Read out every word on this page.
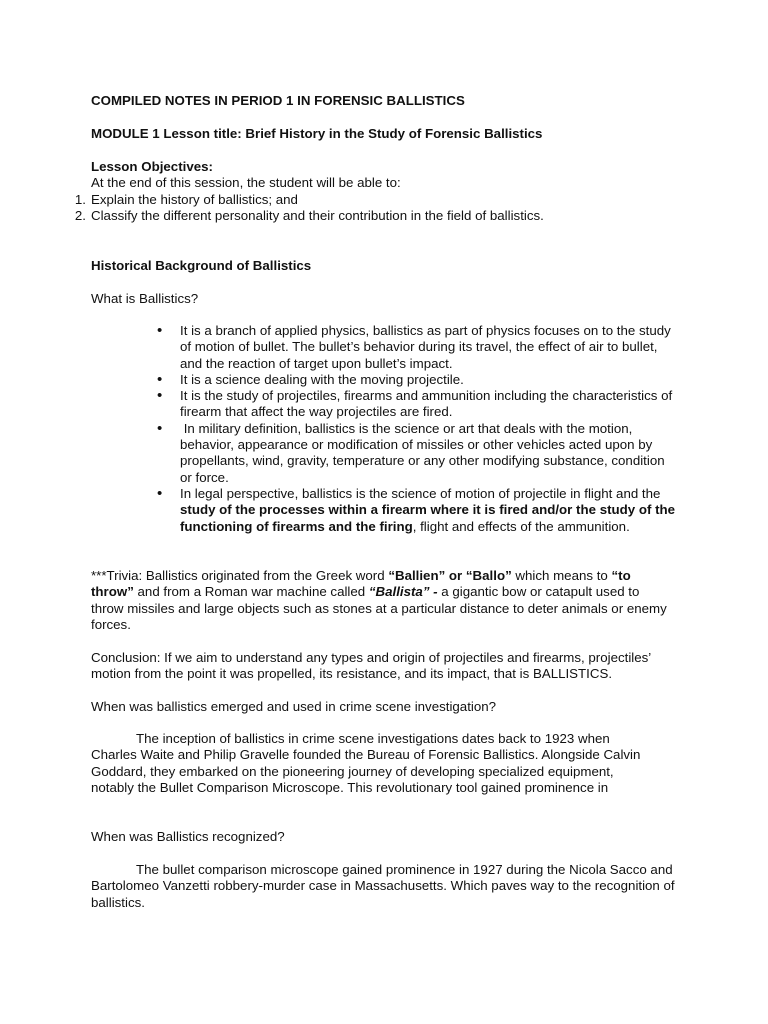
COMPILED NOTES IN PERIOD 1 IN FORENSIC BALLISTICS

MODULE 1 Lesson title: Brief History in the Study of Forensic Ballistics

Lesson Objectives:

At the end of this session, the student will be able to:

1. Explain the history of ballistics; and
2. Classify the different personality and their contribution in the field of ballistics.

Historical Background of Ballistics

What is Ballistics?

• It is a branch of applied physics, ballistics as part of physics focuses on to the study of motion of bullet. The bullet’s behavior during its travel, the effect of air to bullet, and the reaction of target upon bullet’s impact.
• It is a science dealing with the moving projectile.
• It is the study of projectiles, firearms and ammunition including the characteristics of firearm that affect the way projectiles are fired.
• In military definition, ballistics is the science or art that deals with the motion, behavior, appearance or modification of missiles or other vehicles acted upon by propellants, wind, gravity, temperature or any other modifying substance, condition or force.
• In legal perspective, ballistics is the science of motion of projectile in flight and the study of the processes within a firearm where it is fired and/or the study of the functioning of firearms and the firing, flight and effects of the ammunition.

***Trivia: Ballistics originated from the Greek word “Ballien” or “Ballo” which means to “to throw” and from a Roman war machine called “Ballista” - a gigantic bow or catapult used to throw missiles and large objects such as stones at a particular distance to deter animals or enemy forces.

Conclusion: If we aim to understand any types and origin of projectiles and firearms, projectiles’ motion from the point it was propelled, its resistance, and its impact, that is BALLISTICS.

When was ballistics emerged and used in crime scene investigation?

The inception of ballistics in crime scene investigations dates back to 1923 when
Charles Waite and Philip Gravelle founded the Bureau of Forensic Ballistics. Alongside Calvin
Goddard, they embarked on the pioneering journey of developing specialized equipment,
notably the Bullet Comparison Microscope. This revolutionary tool gained prominence in

When was Ballistics recognized?

The bullet comparison microscope gained prominence in 1927 during the Nicola Sacco and Bartolomeo Vanzetti robbery-murder case in Massachusetts. Which paves way to the recognition of ballistics.
